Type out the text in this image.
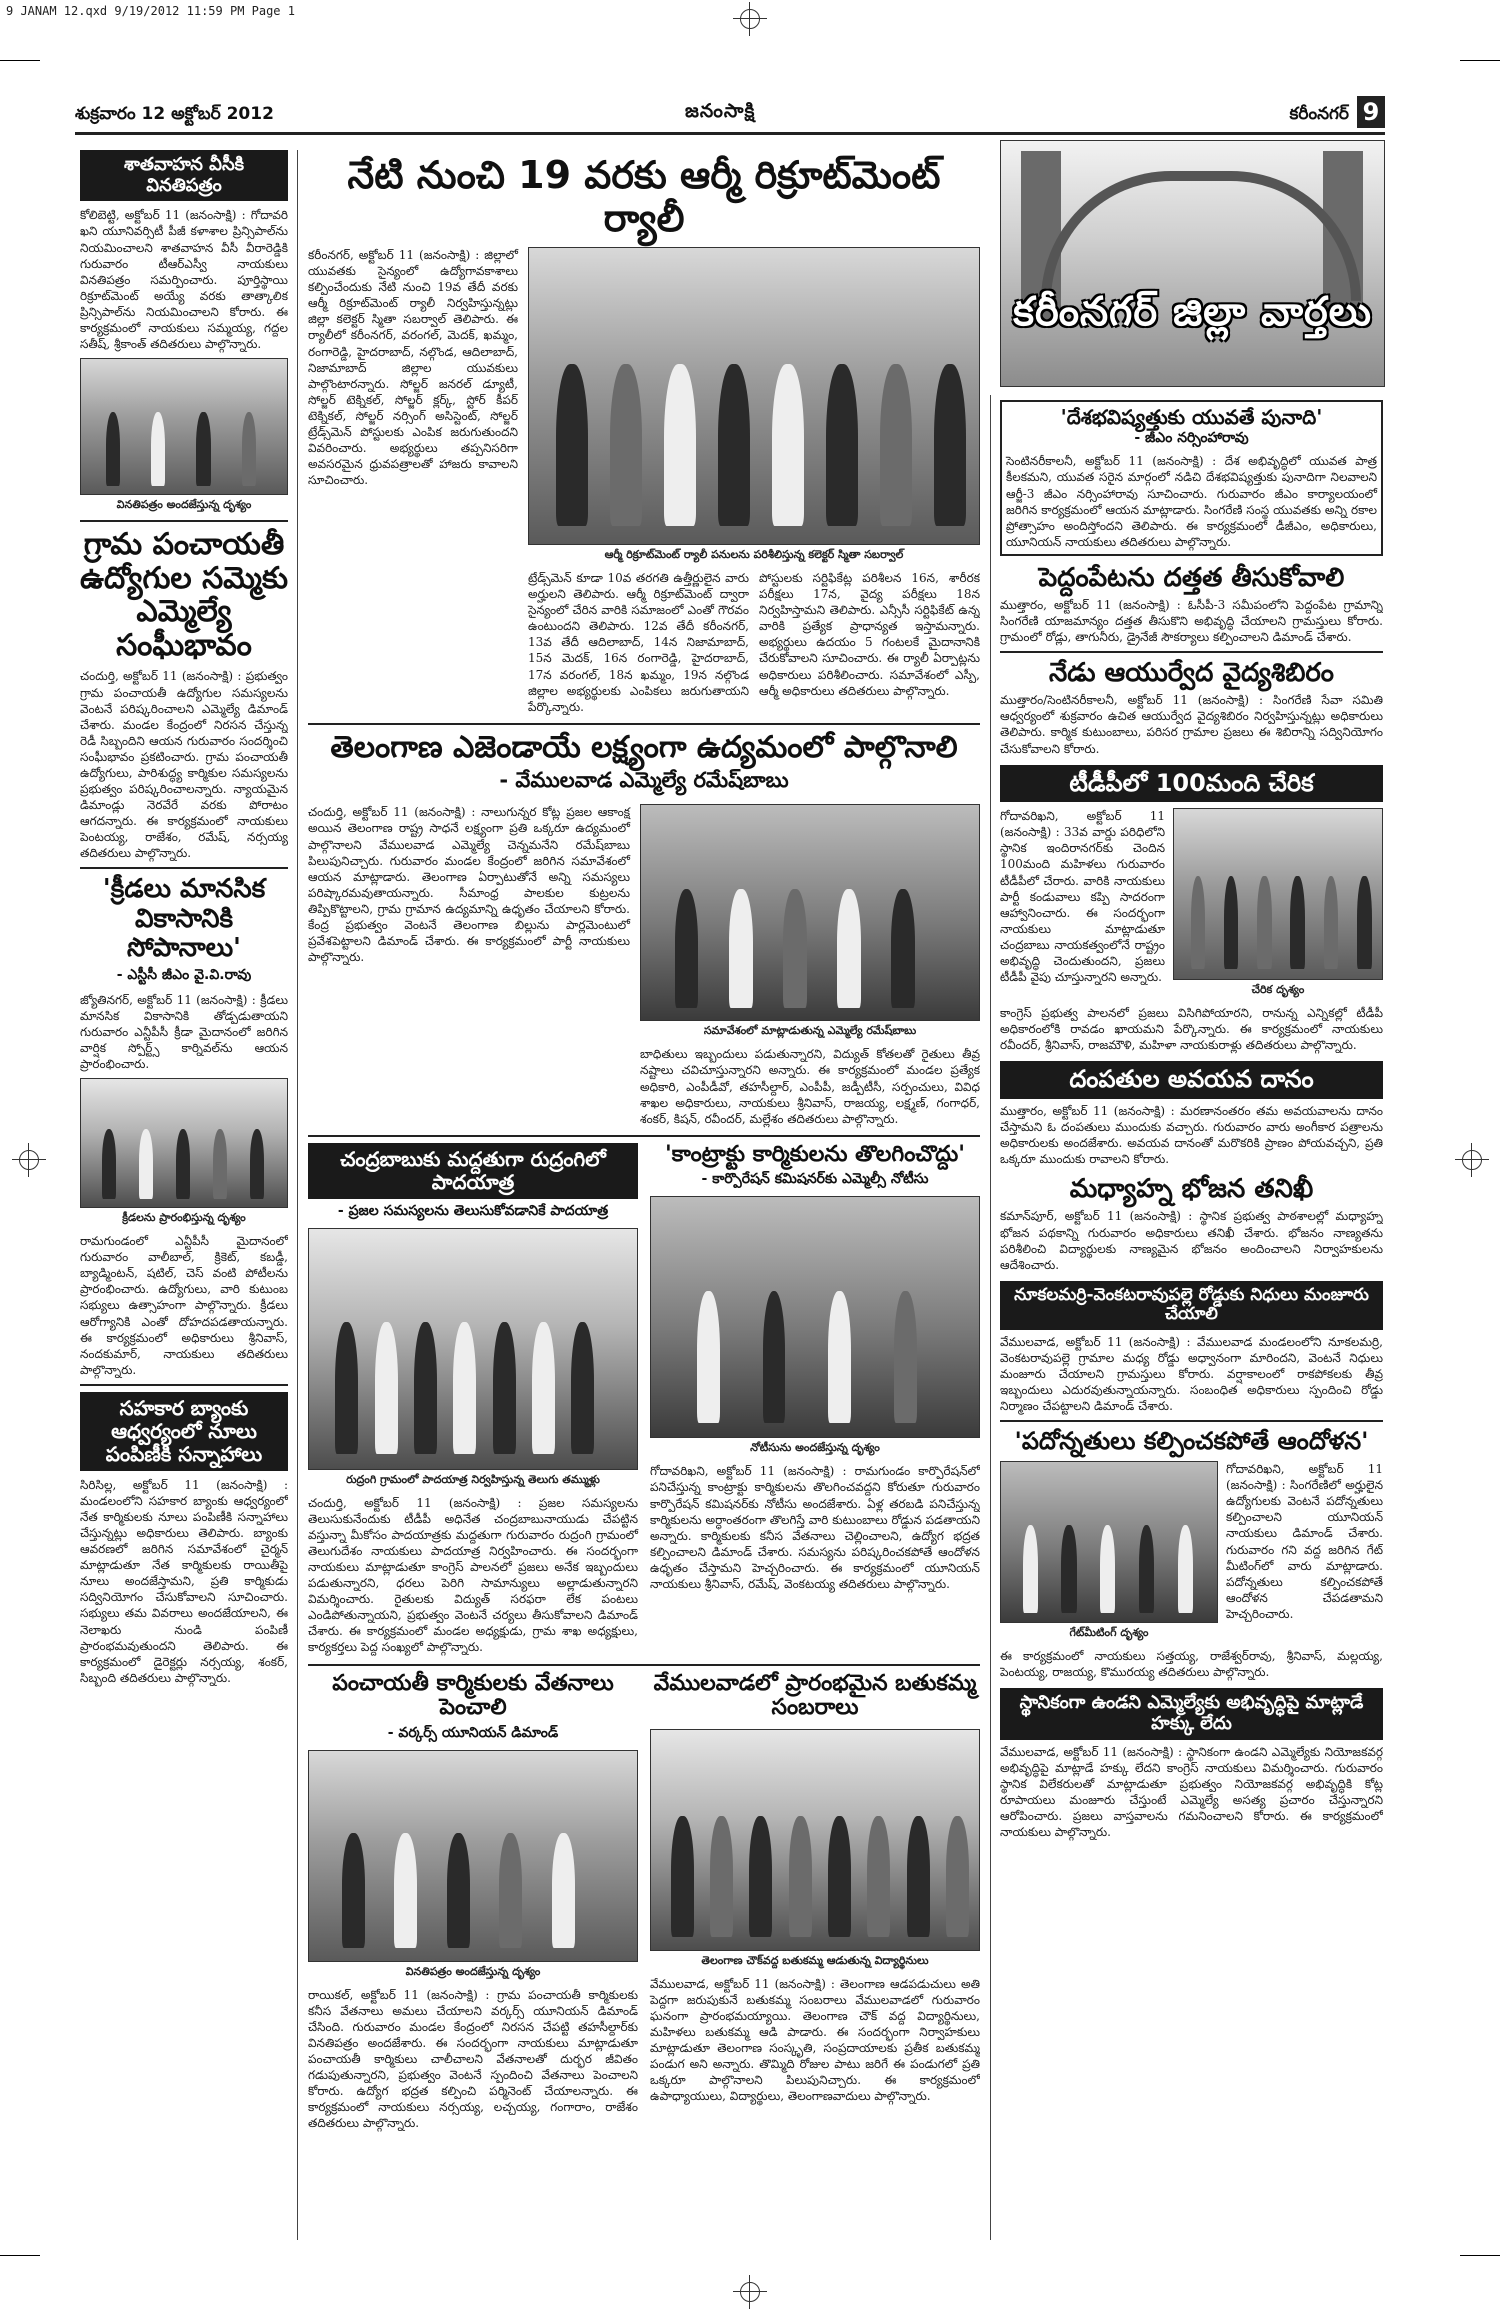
9 JANAM 12.qxd 9/19/2012 11:59 PM Page 1
శుక్రవారం 12 అక్టోబర్ 2012	జనంసాక్షి	కరీంనగర్ 9
శాతవాహన వీసీకి వినతిపత్రం
కోలిబెట్టి, అక్టోబర్ 11 (జనంసాక్షి) : గోదావరి ఖని యూనివర్సిటీ పీజీ కళాశాల ప్రిన్సిపాల్‌ను నియమించాలని శాతవాహన వీసీ వీరారెడ్డికి గురువారం టీఆర్ఎస్వీ నాయకులు వినతిపత్రం సమర్పించారు. పూర్తిస్థాయి రిక్రూట్‌మెంట్ అయ్యే వరకు తాత్కాలిక ప్రిన్సిపాల్‌ను నియమించాలని కోరారు. ఈ కార్యక్రమంలో నాయకులు సమ్మయ్య, గద్దల సతీష్, శ్రీకాంత్ తదితరులు పాల్గొన్నారు.
వినతిపత్రం అందజేస్తున్న దృశ్యం
గ్రామ పంచాయతీ ఉద్యోగుల సమ్మెకు ఎమ్మెల్యే సంఘీభావం
చందుర్తి, అక్టోబర్ 11 (జనంసాక్షి) : ప్రభుత్వం గ్రామ పంచాయతీ ఉద్యోగుల సమస్యలను వెంటనే పరిష్కరించాలని ఎమ్మెల్యే డిమాండ్ చేశారు. మండల కేంద్రంలో నిరసన చేస్తున్న రెడీ సిబ్బందిని ఆయన గురువారం సందర్శించి సంఘీభావం ప్రకటించారు. గ్రామ పంచాయతీ ఉద్యోగులు, పారిశుద్ధ్య కార్మికుల సమస్యలను ప్రభుత్వం పరిష్కరించాలన్నారు. న్యాయమైన డిమాండ్లు నెరవేరే వరకు పోరాటం ఆగదన్నారు. ఈ కార్యక్రమంలో నాయకులు పెంటయ్య, రాజేశం, రమేష్, నర్సయ్య తదితరులు పాల్గొన్నారు.
'క్రీడలు మానసిక వికాసానికి సోపానాలు'
- ఎస్టీసీ జీఎం వై.వి.రావు
జ్యోతినగర్, అక్టోబర్ 11 (జనంసాక్షి) : క్రీడలు మానసిక వికాసానికి తోడ్పడుతాయని గురువారం ఎన్టీపీసీ క్రీడా మైదానంలో జరిగిన వార్షిక స్పోర్ట్స్ కార్నివల్‌ను ఆయన ప్రారంభించారు.
క్రీడలను ప్రారంభిస్తున్న దృశ్యం
రామగుండంలో ఎన్టీపీసీ మైదానంలో గురువారం వాలీబాల్, క్రికెట్, కబడ్డీ, బ్యాడ్మింటన్, షటిల్, చెస్ వంటి పోటీలను ప్రారంభించారు. ఉద్యోగులు, వారి కుటుంబ సభ్యులు ఉత్సాహంగా పాల్గొన్నారు. క్రీడలు ఆరోగ్యానికి ఎంతో దోహదపడతాయన్నారు. ఈ కార్యక్రమంలో అధికారులు శ్రీనివాస్, నందకుమార్, నాయకులు తదితరులు పాల్గొన్నారు.
సహకార బ్యాంకు ఆధ్వర్యంలో నూలు పంపిణీకి సన్నాహాలు
సిరిసిల్ల, అక్టోబర్ 11 (జనంసాక్షి) : మండలంలోని సహకార బ్యాంకు ఆధ్వర్యంలో నేత కార్మికులకు నూలు పంపిణీకి సన్నాహాలు చేస్తున్నట్లు అధికారులు తెలిపారు. బ్యాంకు ఆవరణలో జరిగిన సమావేశంలో చైర్మన్ మాట్లాడుతూ నేత కార్మికులకు రాయితీపై నూలు అందజేస్తామని, ప్రతి కార్మికుడు సద్వినియోగం చేసుకోవాలని సూచించారు. సభ్యులు తమ వివరాలు అందజేయాలని, ఈ నెలాఖరు నుండి పంపిణీ ప్రారంభమవుతుందని తెలిపారు. ఈ కార్యక్రమంలో డైరెక్టర్లు నర్సయ్య, శంకర్, సిబ్బంది తదితరులు పాల్గొన్నారు.
నేటి నుంచి 19 వరకు ఆర్మీ రిక్రూట్‌మెంట్ ర్యాలీ
కరీంనగర్, అక్టోబర్ 11 (జనంసాక్షి) : జిల్లాలో యువతకు సైన్యంలో ఉద్యోగావకాశాలు కల్పించేందుకు నేటి నుంచి 19వ తేదీ వరకు ఆర్మీ రిక్రూట్‌మెంట్ ర్యాలీ నిర్వహిస్తున్నట్లు జిల్లా కలెక్టర్ స్మితా సబర్వాల్ తెలిపారు. ఈ ర్యాలీలో కరీంనగర్, వరంగల్, మెదక్, ఖమ్మం, రంగారెడ్డి, హైదరాబాద్, నల్గొండ, ఆదిలాబాద్, నిజామాబాద్ జిల్లాల యువకులు పాల్గొంటారన్నారు. సోల్జర్ జనరల్ డ్యూటీ, సోల్జర్ టెక్నికల్, సోల్జర్ క్లర్క్, స్టోర్ కీపర్ టెక్నికల్, సోల్జర్ నర్సింగ్ అసిస్టెంట్, సోల్జర్ ట్రేడ్స్‌మెన్ పోస్టులకు ఎంపిక జరుగుతుందని వివరించారు. అభ్యర్థులు తప్పనిసరిగా అవసరమైన ధ్రువపత్రాలతో హాజరు కావాలని సూచించారు.
ఆర్మీ రిక్రూట్‌మెంట్ ర్యాలీ పనులను పరిశీలిస్తున్న కలెక్టర్ స్మితా సబర్వాల్
ట్రేడ్స్‌మెన్ కూడా 10వ తరగతి ఉత్తీర్ణులైన వారు అర్హులని తెలిపారు. ఆర్మీ రిక్రూట్‌మెంట్ ద్వారా సైన్యంలో చేరిన వారికి సమాజంలో ఎంతో గౌరవం ఉంటుందని తెలిపారు. 12వ తేదీ కరీంనగర్, 13వ తేదీ ఆదిలాబాద్, 14న నిజామాబాద్, 15న మెదక్, 16న రంగారెడ్డి, హైదరాబాద్, 17న వరంగల్, 18న ఖమ్మం, 19న నల్గొండ జిల్లాల అభ్యర్థులకు ఎంపికలు జరుగుతాయని పేర్కొన్నారు.
పోస్టులకు సర్టిఫికేట్ల పరిశీలన 16న, శారీరక పరీక్షలు 17న, వైద్య పరీక్షలు 18న నిర్వహిస్తామని తెలిపారు. ఎన్సీసీ సర్టిఫికేట్ ఉన్న వారికి ప్రత్యేక ప్రాధాన్యత ఇస్తామన్నారు. అభ్యర్థులు ఉదయం 5 గంటలకే మైదానానికి చేరుకోవాలని సూచించారు. ఈ ర్యాలీ ఏర్పాట్లను అధికారులు పరిశీలించారు. సమావేశంలో ఎస్పీ, ఆర్మీ అధికారులు తదితరులు పాల్గొన్నారు.
తెలంగాణ ఎజెండాయే లక్ష్యంగా ఉద్యమంలో పాల్గొనాలి
- వేములవాడ ఎమ్మెల్యే రమేష్‌బాబు
చందుర్తి, అక్టోబర్ 11 (జనంసాక్షి) : నాలుగున్నర కోట్ల ప్రజల ఆకాంక్ష అయిన తెలంగాణ రాష్ట్ర సాధనే లక్ష్యంగా ప్రతి ఒక్కరూ ఉద్యమంలో పాల్గొనాలని వేములవాడ ఎమ్మెల్యే చెన్నమనేని రమేష్‌బాబు పిలుపునిచ్చారు. గురువారం మండల కేంద్రంలో జరిగిన సమావేశంలో ఆయన మాట్లాడారు. తెలంగాణ ఏర్పాటుతోనే అన్ని సమస్యలు పరిష్కారమవుతాయన్నారు. సీమాంధ్ర పాలకుల కుట్రలను తిప్పికొట్టాలని, గ్రామ గ్రామాన ఉద్యమాన్ని ఉధృతం చేయాలని కోరారు. కేంద్ర ప్రభుత్వం వెంటనే తెలంగాణ బిల్లును పార్లమెంటులో ప్రవేశపెట్టాలని డిమాండ్ చేశారు. ఈ కార్యక్రమంలో పార్టీ నాయకులు పాల్గొన్నారు.
సమావేశంలో మాట్లాడుతున్న ఎమ్మెల్యే రమేష్‌బాబు
బాధితులు ఇబ్బందులు పడుతున్నారని, విద్యుత్ కోతలతో రైతులు తీవ్ర నష్టాలు చవిచూస్తున్నారని అన్నారు. ఈ కార్యక్రమంలో మండల ప్రత్యేక అధికారి, ఎంపీడీవో, తహసీల్దార్, ఎంపీపీ, జడ్పీటీసీ, సర్పంచులు, వివిధ శాఖల అధికారులు, నాయకులు శ్రీనివాస్, రాజయ్య, లక్ష్మణ్, గంగాధర్, శంకర్, కిషన్, రవీందర్, మల్లేశం తదితరులు పాల్గొన్నారు.
చంద్రబాబుకు మద్దతుగా రుద్రంగిలో పాదయాత్ర
- ప్రజల సమస్యలను తెలుసుకోవడానికే పాదయాత్ర
రుద్రంగి గ్రామంలో పాదయాత్ర నిర్వహిస్తున్న తెలుగు తమ్ముళ్లు
చందుర్తి, అక్టోబర్ 11 (జనంసాక్షి) : ప్రజల సమస్యలను తెలుసుకునేందుకు టీడీపీ అధినేత చంద్రబాబునాయుడు చేపట్టిన వస్తున్నా మీకోసం పాదయాత్రకు మద్దతుగా గురువారం రుద్రంగి గ్రామంలో తెలుగుదేశం నాయకులు పాదయాత్ర నిర్వహించారు. ఈ సందర్భంగా నాయకులు మాట్లాడుతూ కాంగ్రెస్ పాలనలో ప్రజలు అనేక ఇబ్బందులు పడుతున్నారని, ధరలు పెరిగి సామాన్యులు అల్లాడుతున్నారని విమర్శించారు. రైతులకు విద్యుత్ సరఫరా లేక పంటలు ఎండిపోతున్నాయని, ప్రభుత్వం వెంటనే చర్యలు తీసుకోవాలని డిమాండ్ చేశారు. ఈ కార్యక్రమంలో మండల అధ్యక్షుడు, గ్రామ శాఖ అధ్యక్షులు, కార్యకర్తలు పెద్ద సంఖ్యలో పాల్గొన్నారు.
'కాంట్రాక్టు కార్మికులను తొలగించొద్దు'
- కార్పొరేషన్ కమిషనర్‌కు ఎమ్మెల్సీ నోటీసు
నోటీసును అందజేస్తున్న దృశ్యం
గోదావరిఖని, అక్టోబర్ 11 (జనంసాక్షి) : రామగుండం కార్పొరేషన్‌లో పనిచేస్తున్న కాంట్రాక్టు కార్మికులను తొలగించవద్దని కోరుతూ గురువారం కార్పొరేషన్ కమిషనర్‌కు నోటీసు అందజేశారు. ఏళ్ల తరబడి పనిచేస్తున్న కార్మికులను అర్ధాంతరంగా తొలగిస్తే వారి కుటుంబాలు రోడ్డున పడతాయని అన్నారు. కార్మికులకు కనీస వేతనాలు చెల్లించాలని, ఉద్యోగ భద్రత కల్పించాలని డిమాండ్ చేశారు. సమస్యను పరిష్కరించకపోతే ఆందోళన ఉధృతం చేస్తామని హెచ్చరించారు. ఈ కార్యక్రమంలో యూనియన్ నాయకులు శ్రీనివాస్, రమేష్, వెంకటయ్య తదితరులు పాల్గొన్నారు.
పంచాయతీ కార్మికులకు వేతనాలు పెంచాలి
- వర్కర్స్ యూనియన్ డిమాండ్
వినతిపత్రం అందజేస్తున్న దృశ్యం
రాయికల్, అక్టోబర్ 11 (జనంసాక్షి) : గ్రామ పంచాయతీ కార్మికులకు కనీస వేతనాలు అమలు చేయాలని వర్కర్స్ యూనియన్ డిమాండ్ చేసింది. గురువారం మండల కేంద్రంలో నిరసన చేపట్టి తహసీల్దార్‌కు వినతిపత్రం అందజేశారు. ఈ సందర్భంగా నాయకులు మాట్లాడుతూ పంచాయతీ కార్మికులు చాలీచాలని వేతనాలతో దుర్భర జీవితం గడుపుతున్నారని, ప్రభుత్వం వెంటనే స్పందించి వేతనాలు పెంచాలని కోరారు. ఉద్యోగ భద్రత కల్పించి పర్మినెంట్ చేయాలన్నారు. ఈ కార్యక్రమంలో నాయకులు నర్సయ్య, లచ్చయ్య, గంగారాం, రాజేశం తదితరులు పాల్గొన్నారు.
వేములవాడలో ప్రారంభమైన బతుకమ్మ సంబరాలు
తెలంగాణ చౌక్‌వద్ద బతుకమ్మ ఆడుతున్న విద్యార్థినులు
వేములవాడ, అక్టోబర్ 11 (జనంసాక్షి) : తెలంగాణ ఆడపడుచులు అతి పెద్దగా జరుపుకునే బతుకమ్మ సంబరాలు వేములవాడలో గురువారం ఘనంగా ప్రారంభమయ్యాయి. తెలంగాణ చౌక్ వద్ద విద్యార్థినులు, మహిళలు బతుకమ్మ ఆడి పాడారు. ఈ సందర్భంగా నిర్వాహకులు మాట్లాడుతూ తెలంగాణ సంస్కృతి, సంప్రదాయాలకు ప్రతీక బతుకమ్మ పండుగ అని అన్నారు. తొమ్మిది రోజుల పాటు జరిగే ఈ పండుగలో ప్రతి ఒక్కరూ పాల్గొనాలని పిలుపునిచ్చారు. ఈ కార్యక్రమంలో ఉపాధ్యాయులు, విద్యార్థులు, తెలంగాణవాదులు పాల్గొన్నారు.
కరీంనగర్ జిల్లా వార్తలు
'దేశభవిష్యత్తుకు యువతే పునాది'
- జీఎం నర్సింహారావు
సెంటినరీకాలనీ, అక్టోబర్ 11 (జనంసాక్షి) : దేశ అభివృద్ధిలో యువత పాత్ర కీలకమని, యువత సరైన మార్గంలో నడిచి దేశభవిష్యత్తుకు పునాదిగా నిలవాలని ఆర్జీ-3 జీఎం నర్సింహారావు సూచించారు. గురువారం జీఎం కార్యాలయంలో జరిగిన కార్యక్రమంలో ఆయన మాట్లాడారు. సింగరేణి సంస్థ యువతకు అన్ని రకాల ప్రోత్సాహం అందిస్తోందని తెలిపారు. ఈ కార్యక్రమంలో డీజీఎం, అధికారులు, యూనియన్ నాయకులు తదితరులు పాల్గొన్నారు.
పెద్దంపేటను దత్తత తీసుకోవాలి
ముత్తారం, అక్టోబర్ 11 (జనంసాక్షి) : ఓసీపీ-3 సమీపంలోని పెద్దంపేట గ్రామాన్ని సింగరేణి యాజమాన్యం దత్తత తీసుకొని అభివృద్ధి చేయాలని గ్రామస్తులు కోరారు. గ్రామంలో రోడ్లు, తాగునీరు, డ్రైనేజీ సౌకర్యాలు కల్పించాలని డిమాండ్ చేశారు.
నేడు ఆయుర్వేద వైద్యశిబిరం
ముత్తారం/సెంటినరీకాలనీ, అక్టోబర్ 11 (జనంసాక్షి) : సింగరేణి సేవా సమితి ఆధ్వర్యంలో శుక్రవారం ఉచిత ఆయుర్వేద వైద్యశిబిరం నిర్వహిస్తున్నట్లు అధికారులు తెలిపారు. కార్మిక కుటుంబాలు, పరిసర గ్రామాల ప్రజలు ఈ శిబిరాన్ని సద్వినియోగం చేసుకోవాలని కోరారు.
టీడీపీలో 100మంది చేరిక
గోదావరిఖని, అక్టోబర్ 11 (జనంసాక్షి) : 33వ వార్డు పరిధిలోని స్థానిక ఇందిరానగర్‌కు చెందిన 100మంది మహిళలు గురువారం టీడీపీలో చేరారు. వారికి నాయకులు పార్టీ కండువాలు కప్పి సాదరంగా ఆహ్వానించారు. ఈ సందర్భంగా నాయకులు మాట్లాడుతూ చంద్రబాబు నాయకత్వంలోనే రాష్ట్రం అభివృద్ధి చెందుతుందని, ప్రజలు టీడీపీ వైపు చూస్తున్నారని అన్నారు.
చేరిక దృశ్యం
కాంగ్రెస్ ప్రభుత్వ పాలనలో ప్రజలు విసిగిపోయారని, రానున్న ఎన్నికల్లో టీడీపీ అధికారంలోకి రావడం ఖాయమని పేర్కొన్నారు. ఈ కార్యక్రమంలో నాయకులు రవీందర్, శ్రీనివాస్, రాజమౌళి, మహిళా నాయకురాళ్లు తదితరులు పాల్గొన్నారు.
దంపతుల అవయవ దానం
ముత్తారం, అక్టోబర్ 11 (జనంసాక్షి) : మరణానంతరం తమ అవయవాలను దానం చేస్తామని ఓ దంపతులు ముందుకు వచ్చారు. గురువారం వారు అంగీకార పత్రాలను అధికారులకు అందజేశారు. అవయవ దానంతో మరొకరికి ప్రాణం పోయవచ్చని, ప్రతి ఒక్కరూ ముందుకు రావాలని కోరారు.
మధ్యాహ్న భోజన తనిఖీ
కమాన్‌పూర్, అక్టోబర్ 11 (జనంసాక్షి) : స్థానిక ప్రభుత్వ పాఠశాలల్లో మధ్యాహ్న భోజన పథకాన్ని గురువారం అధికారులు తనిఖీ చేశారు. భోజనం నాణ్యతను పరిశీలించి విద్యార్థులకు నాణ్యమైన భోజనం అందించాలని నిర్వాహకులను ఆదేశించారు.
నూకలమర్రి-వెంకటరావుపల్లె రోడ్డుకు నిధులు మంజూరు చేయాలి
వేములవాడ, అక్టోబర్ 11 (జనంసాక్షి) : వేములవాడ మండలంలోని నూకలమర్రి, వెంకటరావుపల్లె గ్రామాల మధ్య రోడ్డు అధ్వానంగా మారిందని, వెంటనే నిధులు మంజూరు చేయాలని గ్రామస్తులు కోరారు. వర్షాకాలంలో రాకపోకలకు తీవ్ర ఇబ్బందులు ఎదురవుతున్నాయన్నారు. సంబంధిత అధికారులు స్పందించి రోడ్డు నిర్మాణం చేపట్టాలని డిమాండ్ చేశారు.
'పదోన్నతులు కల్పించకపోతే ఆందోళన'
గేట్‌మీటింగ్ దృశ్యం
గోదావరిఖని, అక్టోబర్ 11 (జనంసాక్షి) : సింగరేణిలో అర్హులైన ఉద్యోగులకు వెంటనే పదోన్నతులు కల్పించాలని యూనియన్ నాయకులు డిమాండ్ చేశారు. గురువారం గని వద్ద జరిగిన గేట్ మీటింగ్‌లో వారు మాట్లాడారు. పదోన్నతులు కల్పించకపోతే ఆందోళన చేపడతామని హెచ్చరించారు.
ఈ కార్యక్రమంలో నాయకులు సత్తయ్య, రాజేశ్వర్‌రావు, శ్రీనివాస్, మల్లయ్య, పెంటయ్య, రాజయ్య, కొమురయ్య తదితరులు పాల్గొన్నారు.
స్థానికంగా ఉండని ఎమ్మెల్యేకు అభివృద్ధిపై మాట్లాడే హక్కు లేదు
వేములవాడ, అక్టోబర్ 11 (జనంసాక్షి) : స్థానికంగా ఉండని ఎమ్మెల్యేకు నియోజకవర్గ అభివృద్ధిపై మాట్లాడే హక్కు లేదని కాంగ్రెస్ నాయకులు విమర్శించారు. గురువారం స్థానిక విలేకరులతో మాట్లాడుతూ ప్రభుత్వం నియోజకవర్గ అభివృద్ధికి కోట్ల రూపాయలు మంజూరు చేస్తుంటే ఎమ్మెల్యే అసత్య ప్రచారం చేస్తున్నారని ఆరోపించారు. ప్రజలు వాస్తవాలను గమనించాలని కోరారు. ఈ కార్యక్రమంలో నాయకులు పాల్గొన్నారు.
